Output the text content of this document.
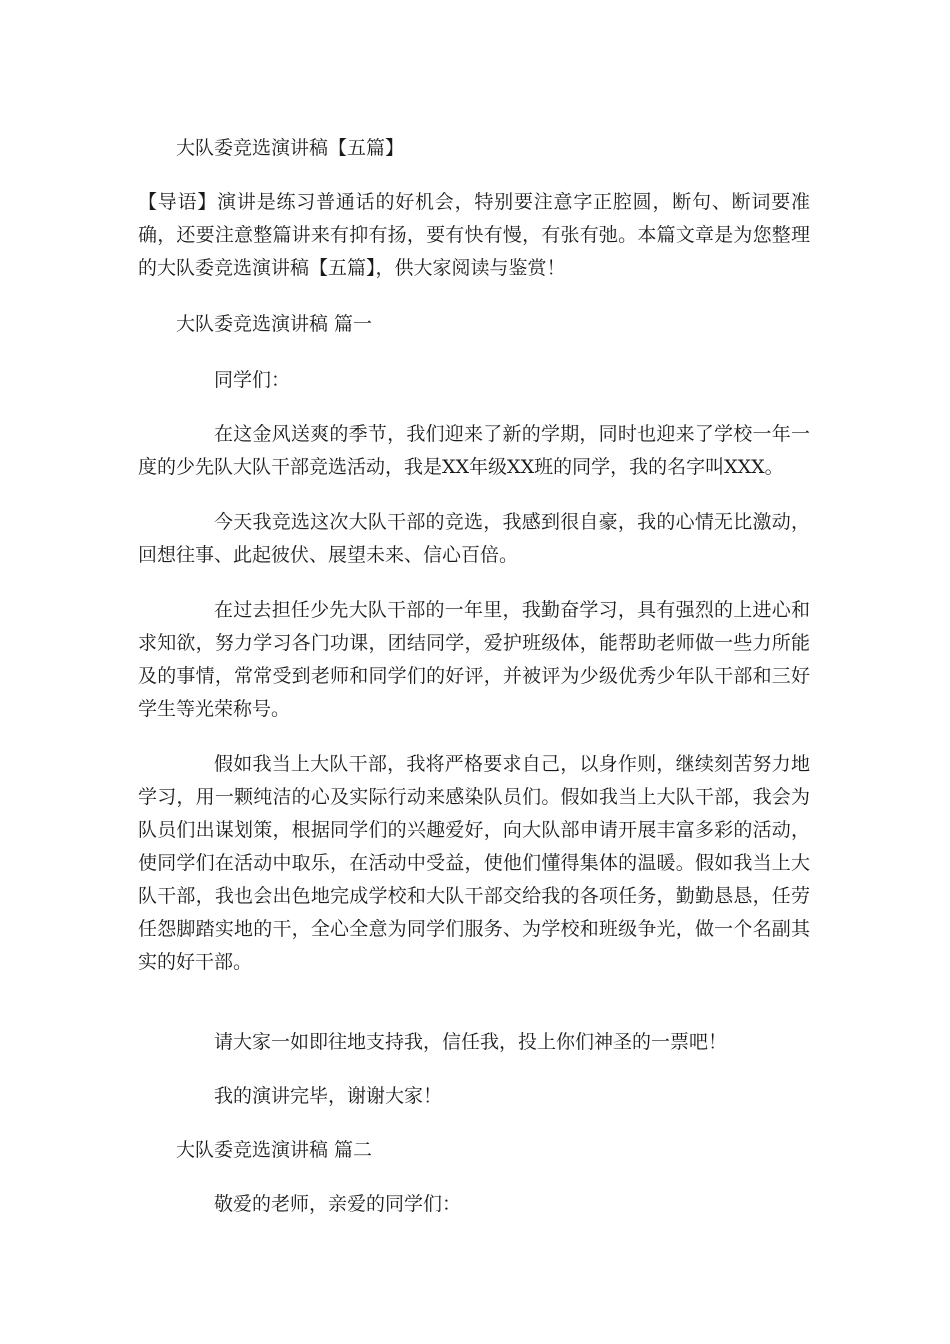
大队委竞选演讲稿【五篇】

【导语】演讲是练习普通话的好机会，特别要注意字正腔圆，断句、断词要准确，还要注意整篇讲来有抑有扬，要有快有慢，有张有弛。本篇文章是为您整理的大队委竞选演讲稿【五篇】，供大家阅读与鉴赏！

大队委竞选演讲稿 篇一

同学们：

在这金风送爽的季节，我们迎来了新的学期，同时也迎来了学校一年一度的少先队大队干部竞选活动，我是XX年级XX班的同学，我的名字叫XXX。

今天我竞选这次大队干部的竞选，我感到很自豪，我的心情无比激动，回想往事、此起彼伏、展望未来、信心百倍。

在过去担任少先大队干部的一年里，我勤奋学习，具有强烈的上进心和求知欲，努力学习各门功课，团结同学，爱护班级体，能帮助老师做一些力所能及的事情，常常受到老师和同学们的好评，并被评为少级优秀少年队干部和三好学生等光荣称号。

假如我当上大队干部，我将严格要求自己，以身作则，继续刻苦努力地学习，用一颗纯洁的心及实际行动来感染队员们。假如我当上大队干部，我会为队员们出谋划策，根据同学们的兴趣爱好，向大队部申请开展丰富多彩的活动，使同学们在活动中取乐，在活动中受益，使他们懂得集体的温暖。假如我当上大队干部，我也会出色地完成学校和大队干部交给我的各项任务，勤勤恳恳，任劳任怨脚踏实地的干，全心全意为同学们服务、为学校和班级争光，做一个名副其实的好干部。

请大家一如即往地支持我，信任我，投上你们神圣的一票吧！

我的演讲完毕，谢谢大家！

大队委竞选演讲稿 篇二

敬爱的老师，亲爱的同学们：
